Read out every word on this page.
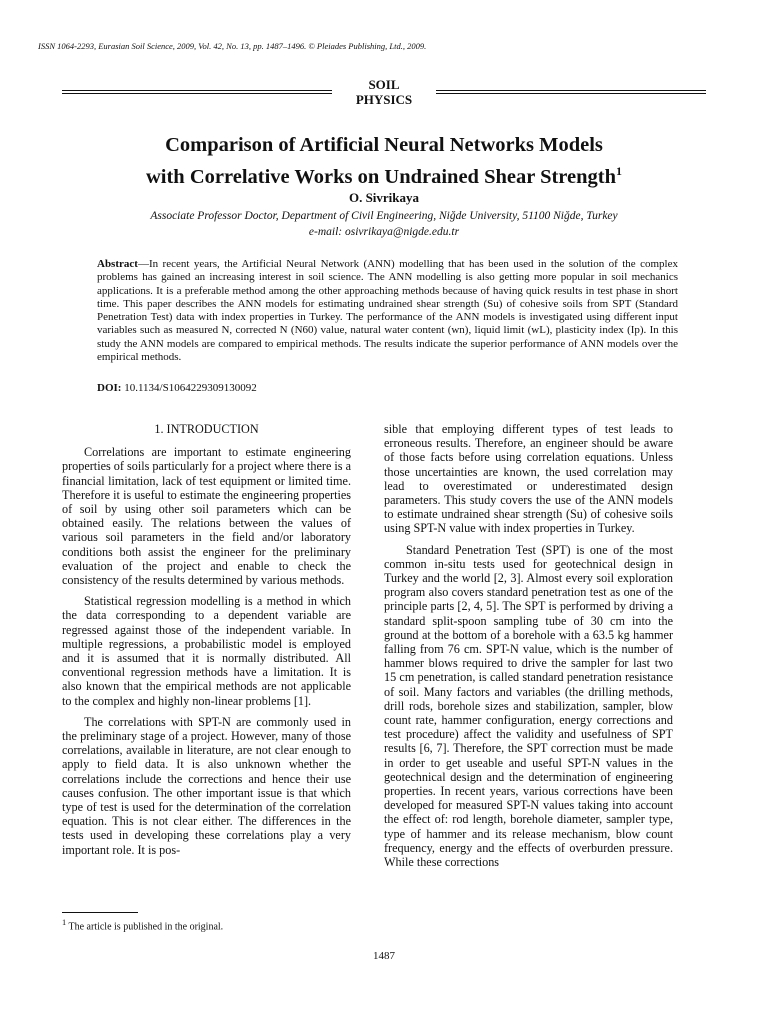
ISSN 1064-2293, Eurasian Soil Science, 2009, Vol. 42, No. 13, pp. 1487–1496. © Pleiades Publishing, Ltd., 2009.
SOIL
PHYSICS
Comparison of Artificial Neural Networks Models
with Correlative Works on Undrained Shear Strength$^1$
O. Sivrikaya
Associate Professor Doctor, Department of Civil Engineering, Niğde University, 51100 Niğde, Turkey
e-mail: osivrikaya@nigde.edu.tr
Abstract—In recent years, the Artificial Neural Network (ANN) modelling that has been used in the solution of the complex problems has gained an increasing interest in soil science. The ANN modelling is also getting more popular in soil mechanics applications. It is a preferable method among the other approaching methods because of having quick results in test phase in short time. This paper describes the ANN models for estimating undrained shear strength (Su) of cohesive soils from SPT (Standard Penetration Test) data with index properties in Turkey. The performance of the ANN models is investigated using different input variables such as measured N, corrected N (N60) value, natural water content (wn), liquid limit (wL), plasticity index (Ip). In this study the ANN models are compared to empirical methods. The results indicate the superior performance of ANN models over the empirical methods.
DOI: 10.1134/S1064229309130092

1. INTRODUCTION

Correlations are important to estimate engineering properties of soils particularly for a project where there is a financial limitation, lack of test equipment or limited time. Therefore it is useful to estimate the engineering properties of soil by using other soil parameters which can be obtained easily. The relations between the values of various soil parameters in the field and/or laboratory conditions both assist the engineer for the preliminary evaluation of the project and enable to check the consistency of the results determined by various methods.

Statistical regression modelling is a method in which the data corresponding to a dependent variable are regressed against those of the independent variable. In multiple regressions, a probabilistic model is employed and it is assumed that it is normally distributed. All conventional regression methods have a limitation. It is also known that the empirical methods are not applicable to the complex and highly non-linear problems [1].

The correlations with SPT-N are commonly used in the preliminary stage of a project. However, many of those correlations, available in literature, are not clear enough to apply to field data. It is also unknown whether the correlations include the corrections and hence their use causes confusion. The other important issue is that which type of test is used for the determination of the correlation equation. This is not clear either. The differences in the tests used in developing these correlations play a very important role. It is pos-

sible that employing different types of test leads to erroneous results. Therefore, an engineer should be aware of those facts before using correlation equations. Unless those uncertainties are known, the used correlation may lead to overestimated or underestimated design parameters. This study covers the use of the ANN models to estimate undrained shear strength (Su) of cohesive soils using SPT-N value with index properties in Turkey.

Standard Penetration Test (SPT) is one of the most common in-situ tests used for geotechnical design in Turkey and the world [2, 3]. Almost every soil exploration program also covers standard penetration test as one of the principle parts [2, 4, 5]. The SPT is performed by driving a standard split-spoon sampling tube of 30 cm into the ground at the bottom of a borehole with a 63.5 kg hammer falling from 76 cm. SPT-N value, which is the number of hammer blows required to drive the sampler for last two 15 cm penetration, is called standard penetration resistance of soil. Many factors and variables (the drilling methods, drill rods, borehole sizes and stabilization, sampler, blow count rate, hammer configuration, energy corrections and test procedure) affect the validity and usefulness of SPT results [6, 7]. Therefore, the SPT correction must be made in order to get useable and useful SPT-N values in the geotechnical design and the determination of engineering properties. In recent years, various corrections have been developed for measured SPT-N values taking into account the effect of: rod length, borehole diameter, sampler type, type of hammer and its release mechanism, blow count frequency, energy and the effects of overburden pressure. While these corrections

$^1$ The article is published in the original.
1487
